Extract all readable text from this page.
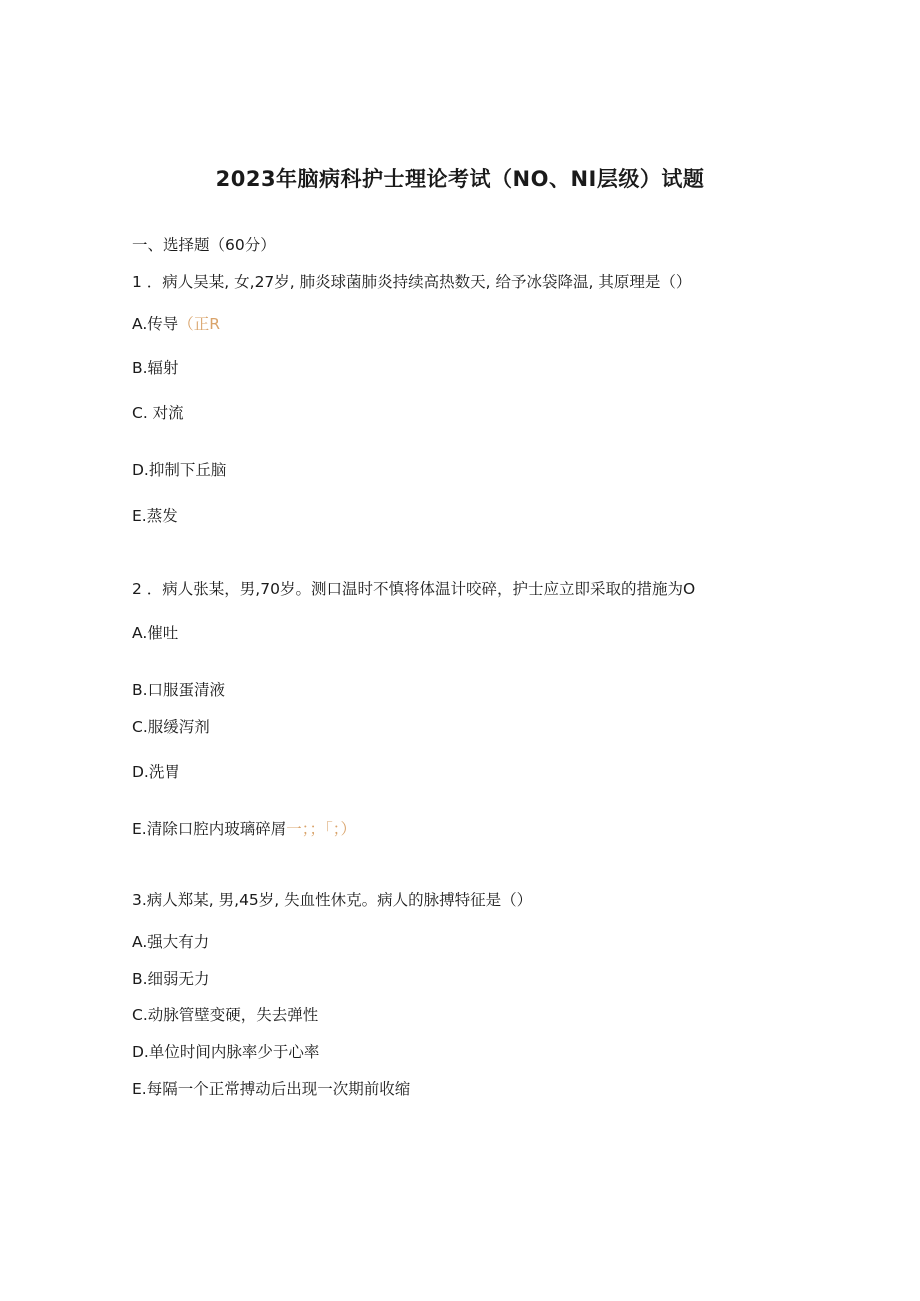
2023年脑病科护士理论考试（NO、NI层级）试题
一、选择题（60分）
1 ．病人吴某, 女,27岁, 肺炎球菌肺炎持续高热数天, 给予冰袋降温, 其原理是（）
A.传导（正R
B.辐射
C. 对流
D.抑制下丘脑
E.蒸发
2 ．病人张某，男,70岁。测口温时不慎将体温计咬碎，护士应立即采取的措施为O
A.催吐
B.口服蛋清液
C.服缓泻剂
D.洗胃
E.清除口腔内玻璃碎屑一；；「；）
3.病人郑某, 男,45岁, 失血性休克。病人的脉搏特征是（）
A.强大有力
B.细弱无力
C.动脉管壁变硬，失去弹性
D.单位时间内脉率少于心率
E.每隔一个正常搏动后出现一次期前收缩
